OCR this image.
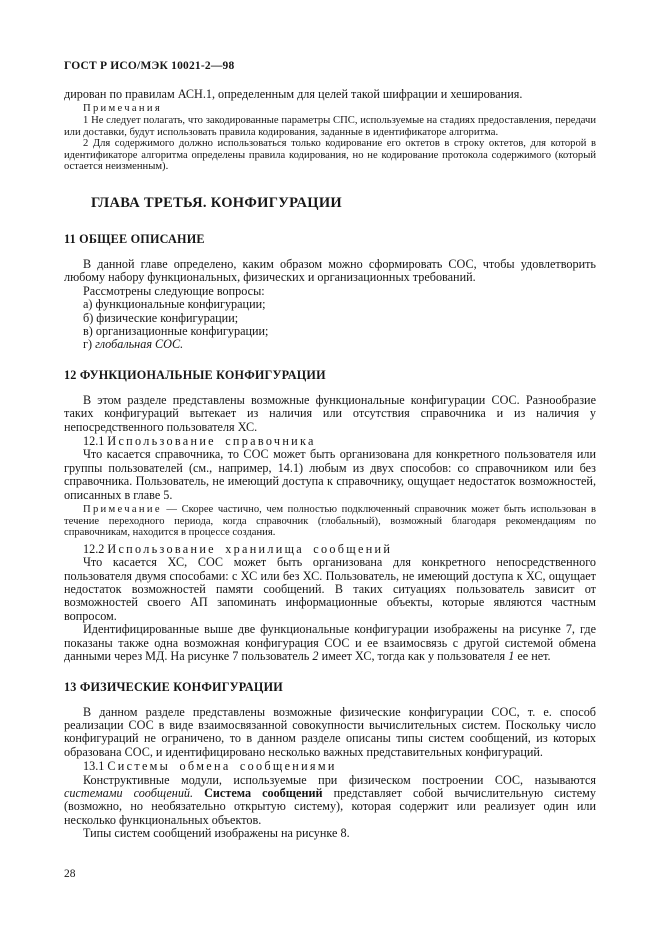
ГОСТ Р ИСО/МЭК 10021-2—98

дирован по правилам АСН.1, определенным для целей такой шифрации и хеширования.

Примечания

1 Не следует полагать, что закодированные параметры СПС, используемые на стадиях предоставления, передачи или доставки, будут использовать правила кодирования, заданные в идентификаторе алгоритма.

2 Для содержимого должно использоваться только кодирование его октетов в строку октетов, для которой в идентификаторе алгоритма определены правила кодирования, но не кодирование протокола содержимого (который остается неизменным).

ГЛАВА ТРЕТЬЯ. КОНФИГУРАЦИИ
11 ОБЩЕЕ ОПИСАНИЕ

В данной главе определено, каким образом можно сформировать СОС, чтобы удовлетворить любому набору функциональных, физических и организационных требований.

Рассмотрены следующие вопросы:

а) функциональные конфигурации;

б) физические конфигурации;

в) организационные конфигурации;

г) глобальная СОС.

12 ФУНКЦИОНАЛЬНЫЕ КОНФИГУРАЦИИ

В этом разделе представлены возможные функциональные конфигурации СОС. Разнообразие таких конфигураций вытекает из наличия или отсутствия справочника и из наличия у непосредственного пользователя ХС.

12.1 Использование справочника

Что касается справочника, то СОС может быть организована для конкретного пользователя или группы пользователей (см., например, 14.1) любым из двух способов: со справочником или без справочника. Пользователь, не имеющий доступа к справочнику, ощущает недостаток возможностей, описанных в главе 5.

Примечание — Скорее частично, чем полностью подключенный справочник может быть использован в течение переходного периода, когда справочник (глобальный), возможный благодаря рекомендациям по справочникам, находится в процессе создания.

12.2 Использование хранилища сообщений

Что касается ХС, СОС может быть организована для конкретного непосредственного пользователя двумя способами: с ХС или без ХС. Пользователь, не имеющий доступа к ХС, ощущает недостаток возможностей памяти сообщений. В таких ситуациях пользователь зависит от возможностей своего АП запоминать информационные объекты, которые являются частным вопросом.

Идентифицированные выше две функциональные конфигурации изображены на рисунке 7, где показаны также одна возможная конфигурация СОС и ее взаимосвязь с другой системой обмена данными через МД. На рисунке 7 пользователь 2 имеет ХС, тогда как у пользователя 1 ее нет.

13 ФИЗИЧЕСКИЕ КОНФИГУРАЦИИ

В данном разделе представлены возможные физические конфигурации СОС, т. е. способ реализации СОС в виде взаимосвязанной совокупности вычислительных систем. Поскольку число конфигураций не ограничено, то в данном разделе описаны типы систем сообщений, из которых образована СОС, и идентифицировано несколько важных представительных конфигураций.

13.1 Системы обмена сообщениями

Конструктивные модули, используемые при физическом построении СОС, называются системами сообщений. Система сообщений представляет собой вычислительную систему (возможно, но необязательно открытую систему), которая содержит или реализует один или несколько функциональных объектов.

Типы систем сообщений изображены на рисунке 8.

28
